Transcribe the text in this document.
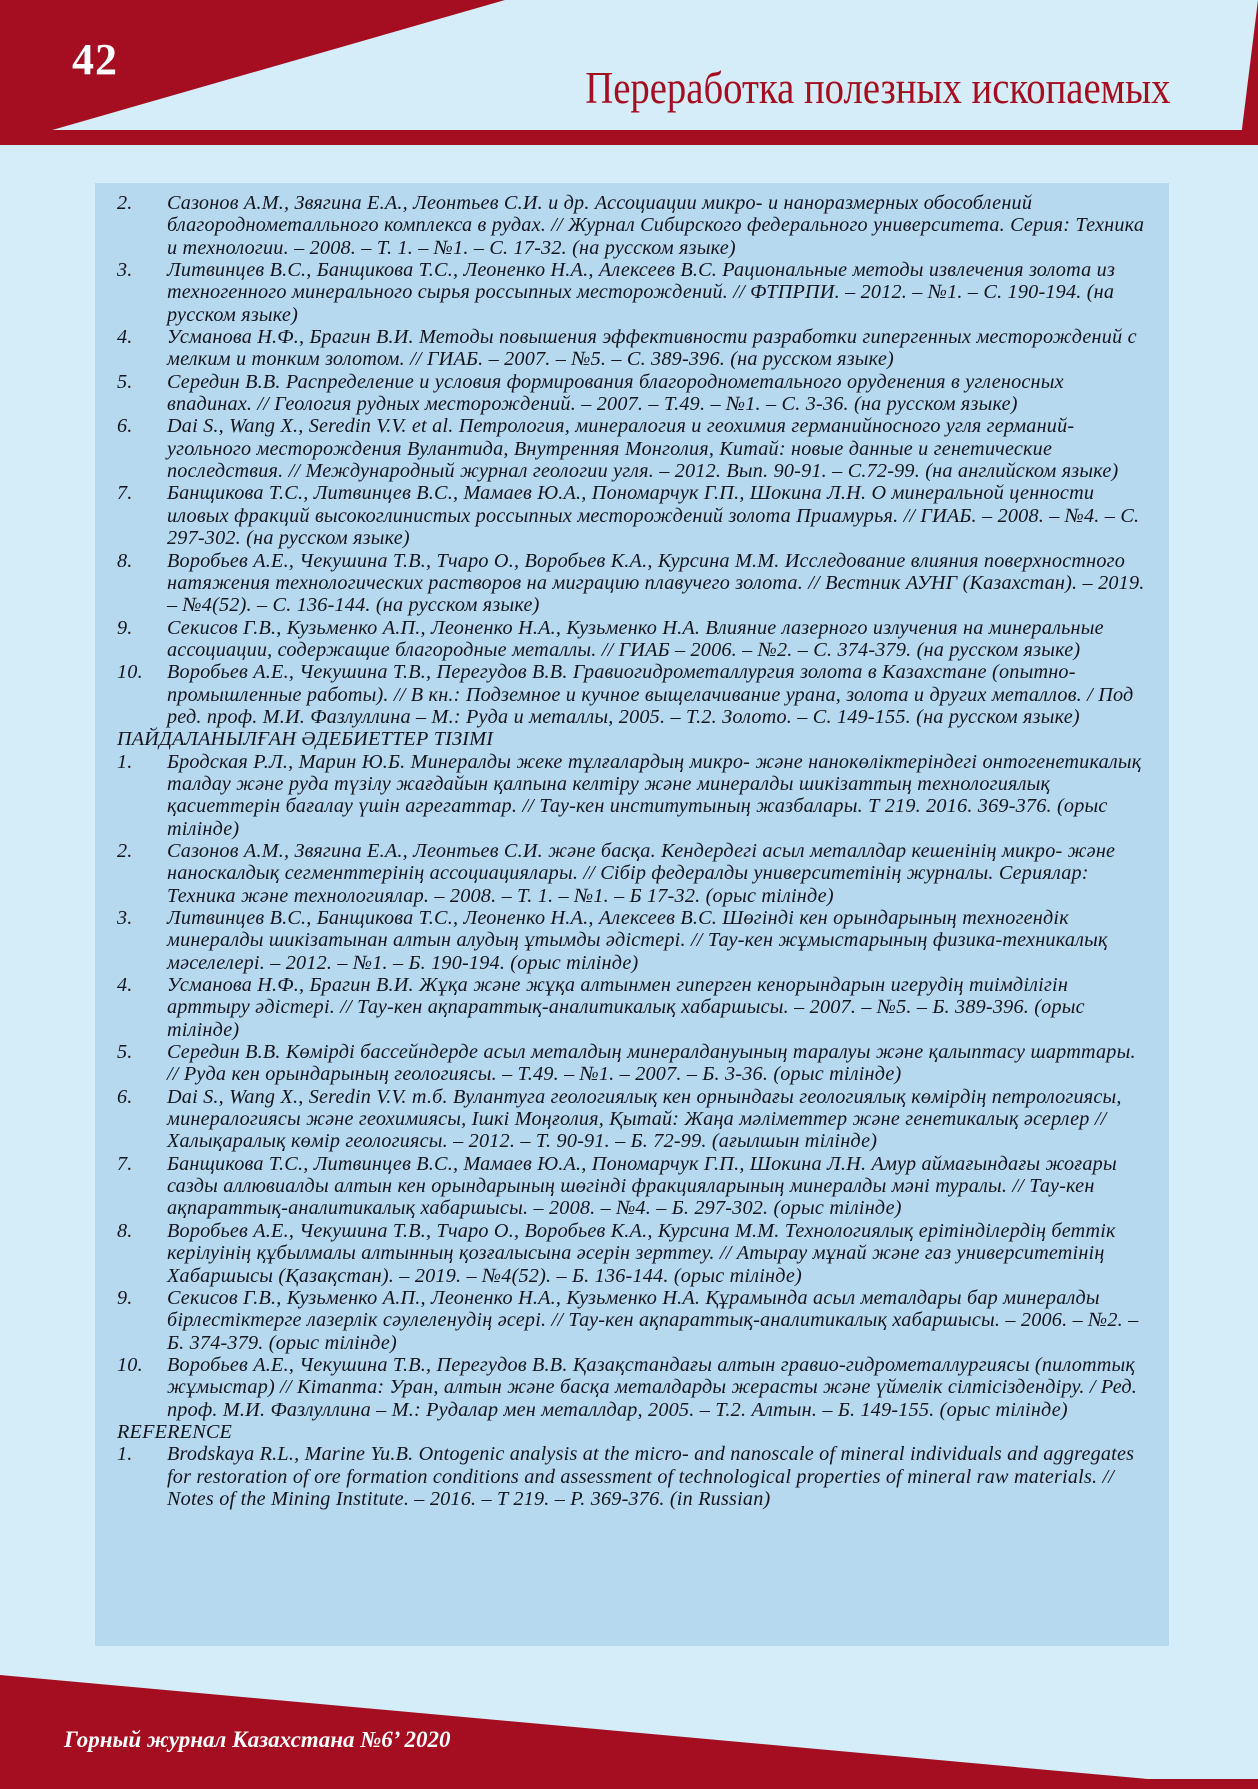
42
Переработка полезных ископаемых
2.	Сазонов А.М., Звягина Е.А., Леонтьев С.И. и др. Ассоциации микро- и наноразмерных обособлений благороднометалльного комплекса в рудах. // Журнал Сибирского федерального университета. Серия: Техника и технологии. – 2008. – Т. 1. – №1. – С. 17-32. (на русском языке)
3.	Литвинцев В.С., Банщикова Т.С., Леоненко Н.А., Алексеев В.С. Рациональные методы извлечения золота из техногенного минерального сырья россыпных месторождений. // ФТПРПИ. – 2012. – №1. – С. 190-194. (на русском языке)
4.	Усманова Н.Ф., Брагин В.И. Методы повышения эффективности разработки гипергенных месторождений с мелким и тонким золотом. // ГИАБ. – 2007. – №5. – С. 389-396. (на русском языке)
5.	Середин В.В. Распределение и условия формирования благороднометального оруденения в угленосных впадинах. // Геология рудных месторождений. – 2007. – Т.49. – №1. – С. 3-36. (на русском языке)
6.	Dai S., Wang X., Seredin V.V. et al. Петрология, минералогия и геохимия германийносного угля германий-угольного месторождения Вулантида, Внутренняя Монголия, Китай: новые данные и генетические последствия. // Международный журнал геологии угля. – 2012. Вып. 90-91. – С.72-99. (на английском языке)
7.	Банщикова Т.С., Литвинцев В.С., Мамаев Ю.А., Пономарчук Г.П., Шокина Л.Н. О минеральной ценности иловых фракций высокоглинистых россыпных месторождений золота Приамурья. // ГИАБ. – 2008. – №4. – С. 297-302. (на русском языке)
8.	Воробьев А.Е., Чекушина Т.В., Тчаро О., Воробьев К.А., Курсина М.М. Исследование влияния поверхностного натяжения технологических растворов на миграцию плавучего золота. // Вестник АУНГ (Казахстан). – 2019. – №4(52). – С. 136-144. (на русском языке)
9.	Секисов Г.В., Кузьменко А.П., Леоненко Н.А., Кузьменко Н.А. Влияние лазерного излучения на минеральные ассоциации, содержащие благородные металлы. // ГИАБ – 2006. – №2. – С. 374-379. (на русском языке)
10.	Воробьев А.Е., Чекушина Т.В., Перегудов В.В. Гравиогидрометаллургия золота в Казахстане (опытно-промышленные работы). // В кн.: Подземное и кучное выщелачивание урана, золота и других металлов. / Под ред. проф. М.И. Фазлуллина – М.: Руда и металлы, 2005. – Т.2. Золото. – С. 149-155. (на русском языке)
ПАЙДАЛАНЫЛҒАН ӘДЕБИЕТТЕР ТІЗІМІ
1.	Бродская Р.Л., Марин Ю.Б. Минералды жеке тұлғалардың микро- және нанокөліктеріндегі онтогенетикалық талдау және руда түзілу жағдайын қалпына келтіру және минералды шикізаттың технологиялық қасиеттерін бағалау үшін агрегаттар. // Тау-кен институтының жазбалары. Т 219. 2016. 369-376. (орыс тілінде)
2.	Сазонов А.М., Звягина Е.А., Леонтьев С.И. және басқа. Кендердегі асыл металлдар кешенінің микро- және наноскалдық сегменттерінің ассоциациялары. // Сібір федералды университетінің журналы. Сериялар: Техника және технологиялар. – 2008. – Т. 1. – №1. – Б 17-32. (орыс тілінде)
3.	Литвинцев В.С., Банщикова Т.С., Леоненко Н.А., Алексеев В.С. Шөгінді кен орындарының техногендік минералды шикізатынан алтын алудың ұтымды әдістері. // Тау-кен жұмыстарының физика-техникалық мәселелері. – 2012. – №1. – Б. 190-194. (орыс тілінде)
4.	Усманова Н.Ф., Брагин В.И. Жұқа және жұқа алтынмен гиперген кенорындарын игерудің тиімділігін арттыру әдістері. // Тау-кен ақпараттық-аналитикалық хабаршысы. – 2007. – №5. – Б. 389-396. (орыс тілінде)
5.	Середин В.В. Көмірді бассейндерде асыл металдың минералдануының таралуы және қалыптасу шарттары. // Руда кен орындарының геологиясы. – Т.49. – №1. – 2007. – Б. 3-36. (орыс тілінде)
6.	Dai S., Wang X., Seredin V.V. т.б. Вулантуга геологиялық кен орнындағы геологиялық көмірдің петрологиясы, минералогиясы және геохимиясы, Ішкі Моңғолия, Қытай: Жаңа мәліметтер және генетикалық әсерлер // Халықаралық көмір геологиясы. – 2012. – Т. 90-91. – Б. 72-99. (ағылшын тілінде)
7.	Банщикова Т.С., Литвинцев В.С., Мамаев Ю.А., Пономарчук Г.П., Шокина Л.Н. Амур аймағындағы жоғары сазды аллювиалды алтын кен орындарының шөгінді фракцияларының минералды мәні туралы. // Тау-кен ақпараттық-аналитикалық хабаршысы. – 2008. – №4. – Б. 297-302. (орыс тілінде)
8.	Воробьев А.Е., Чекушина Т.В., Тчаро О., Воробьев К.А., Курсина М.М. Технологиялық ерітінділердің беттік керілуінің құбылмалы алтынның қозғалысына әсерін зерттеу. // Атырау мұнай және газ университетінің Хабаршысы (Қазақстан). – 2019. – №4(52). – Б. 136-144. (орыс тілінде)
9.	Секисов Г.В., Кузьменко А.П., Леоненко Н.А., Кузьменко Н.А. Құрамында асыл металдары бар минералды бірлестіктерге лазерлік сәулеленудің әсері. // Тау-кен ақпараттық-аналитикалық хабаршысы. – 2006. – №2. – Б. 374-379. (орыс тілінде)
10.	Воробьев А.Е., Чекушина Т.В., Перегудов В.В. Қазақстандағы алтын гравио-гидрометаллургиясы (пилоттық жұмыстар) // Кітапта: Уран, алтын және басқа металдарды жерасты және үймелік сілтісіздендіру. / Ред. проф. М.И. Фазлуллина – М.: Рудалар мен металлдар, 2005. – Т.2. Алтын. – Б. 149-155. (орыс тілінде)
REFERENCE
1.	Brodskaya R.L., Marine Yu.B. Ontogenic analysis at the micro- and nanoscale of mineral individuals and aggregates for restoration of ore formation conditions and assessment of technological properties of mineral raw materials. // Notes of the Mining Institute. – 2016. – T 219. – P. 369-376. (in Russian)
Горный журнал Казахстана №6’ 2020
